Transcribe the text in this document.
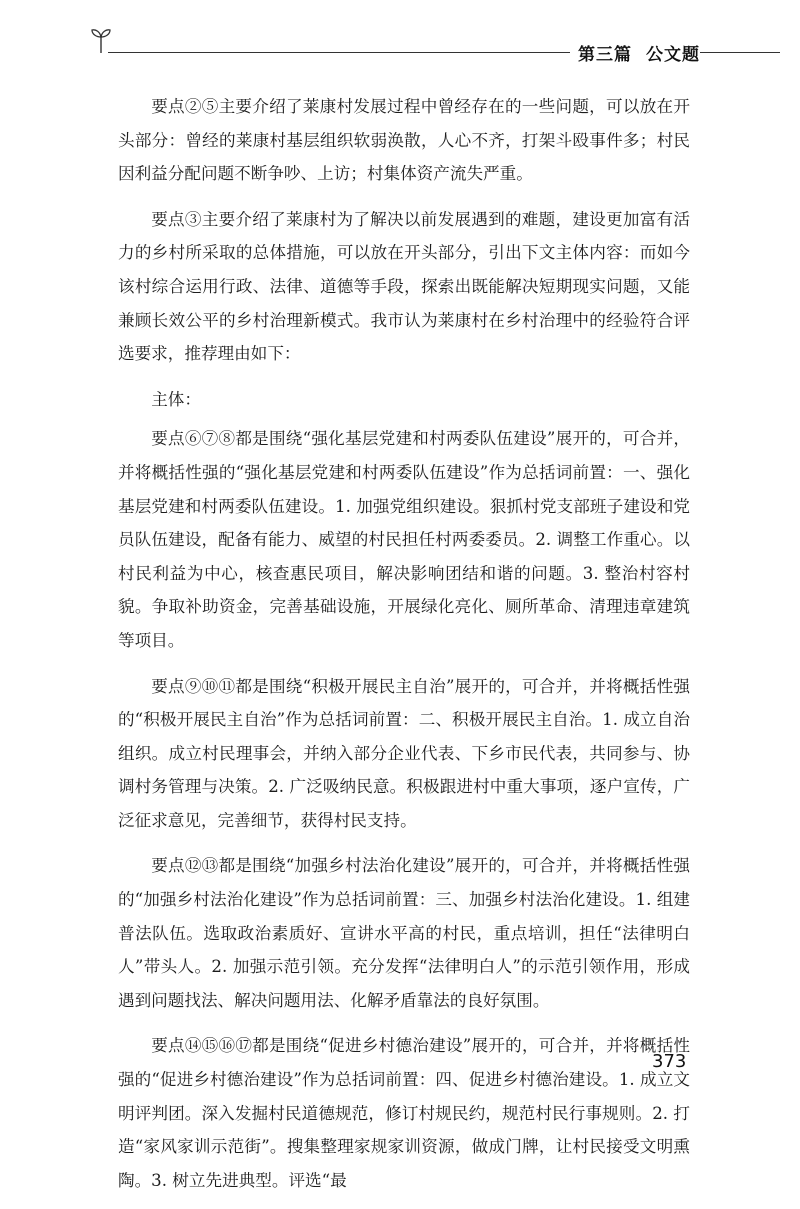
第三篇 公文题

要点②⑤主要介绍了莱康村发展过程中曾经存在的一些问题，可以放在开头部分：曾经的莱康村基层组织软弱涣散，人心不齐，打架斗殴事件多；村民因利益分配问题不断争吵、上访；村集体资产流失严重。

要点③主要介绍了莱康村为了解决以前发展遇到的难题，建设更加富有活力的乡村所采取的总体措施，可以放在开头部分，引出下文主体内容：而如今该村综合运用行政、法律、道德等手段，探索出既能解决短期现实问题，又能兼顾长效公平的乡村治理新模式。我市认为莱康村在乡村治理中的经验符合评选要求，推荐理由如下：

主体：

要点⑥⑦⑧都是围绕“强化基层党建和村两委队伍建设”展开的，可合并，并将概括性强的“强化基层党建和村两委队伍建设”作为总括词前置：一、强化基层党建和村两委队伍建设。1. 加强党组织建设。狠抓村党支部班子建设和党员队伍建设，配备有能力、威望的村民担任村两委委员。2. 调整工作重心。以村民利益为中心，核查惠民项目，解决影响团结和谐的问题。3. 整治村容村貌。争取补助资金，完善基础设施，开展绿化亮化、厕所革命、清理违章建筑等项目。

要点⑨⑩⑪都是围绕“积极开展民主自治”展开的，可合并，并将概括性强的“积极开展民主自治”作为总括词前置：二、积极开展民主自治。1. 成立自治组织。成立村民理事会，并纳入部分企业代表、下乡市民代表，共同参与、协调村务管理与决策。2. 广泛吸纳民意。积极跟进村中重大事项，逐户宣传，广泛征求意见，完善细节，获得村民支持。

要点⑫⑬都是围绕“加强乡村法治化建设”展开的，可合并，并将概括性强的“加强乡村法治化建设”作为总括词前置：三、加强乡村法治化建设。1. 组建普法队伍。选取政治素质好、宣讲水平高的村民，重点培训，担任“法律明白人”带头人。2. 加强示范引领。充分发挥“法律明白人”的示范引领作用，形成遇到问题找法、解决问题用法、化解矛盾靠法的良好氛围。

要点⑭⑮⑯⑰都是围绕“促进乡村德治建设”展开的，可合并，并将概括性强的“促进乡村德治建设”作为总括词前置：四、促进乡村德治建设。1. 成立文明评判团。深入发掘村民道德规范，修订村规民约，规范村民行事规则。2. 打造“家风家训示范街”。搜集整理家规家训资源，做成门牌，让村民接受文明熏陶。3. 树立先进典型。评选“最

373
